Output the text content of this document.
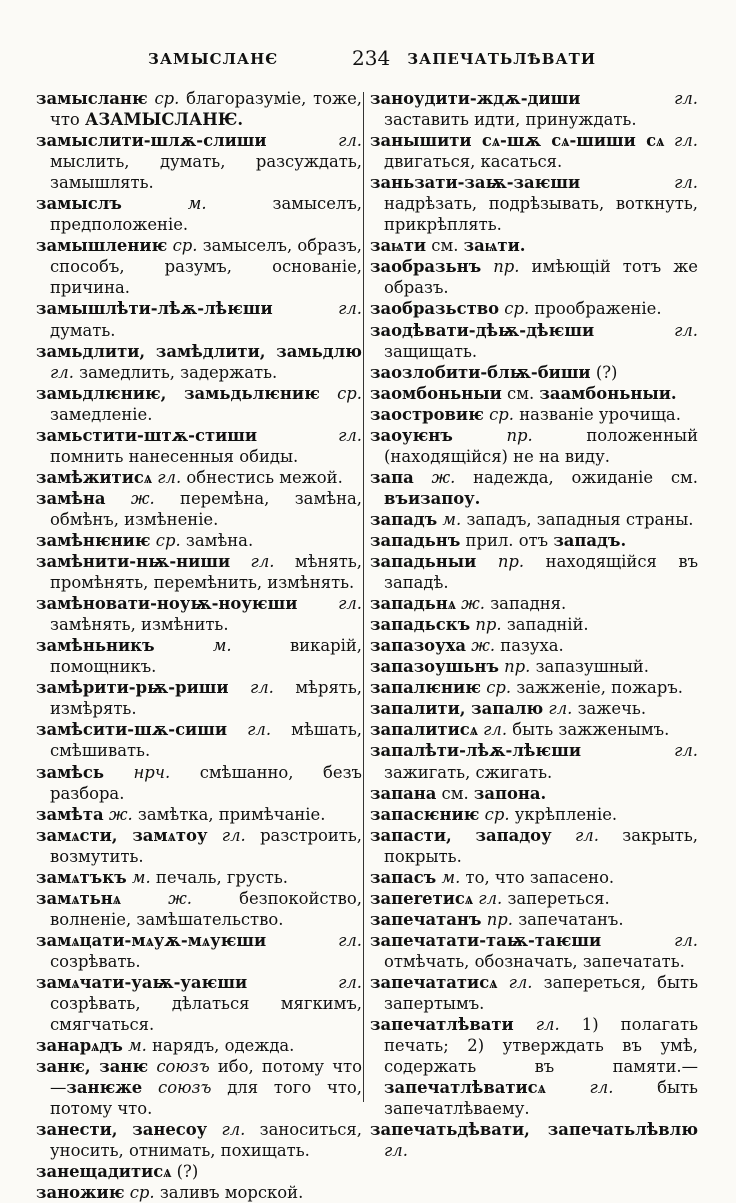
ЗАМЫСЛАНЄ	234 ЗАПЕЧАТЬЛѢВАТИ

замысланѥ ср. благоразуміе, тоже, что АЗАМЫСЛАНѤ.

замыслити-шлѫ-слиши	гл. мыслить, думать, разсуждать, замышлять.

замыслъ	м.	замыселъ, предположеніе.

замышлениѥ ср. замыселъ, образъ, способъ, разумъ, основаніе, причина.

замышлѣти-лѣѫ-лѣѥши	гл. думать.

замьдлити, замѣдлити, замьдлю гл. замедлить, задержать.

замьдлѥниѥ, замьдьлѥниѥ ср. замедленіе.

замьстити-штѫ-стиши	гл. помнить нанесенныя обиды.

замѣжитисѧ гл. обнестись межой.

замѣна ж. перемѣна, замѣна, обмѣнъ, измѣненіе.

замѣнѥниѥ ср. замѣна.

замѣнити-нѭ-ниши гл. мѣнять, промѣнять, перемѣнить, измѣнять.

замѣновати-ноуѭ-ноуѥши гл. замѣнять, измѣнить.

замѣньникъ	м.	викарій, помощникъ.

замѣрити-рѭ-риши гл. мѣрять, измѣрять.

замѣсити-шѫ-сиши гл. мѣшать, смѣшивать.

замѣсь нрч. смѣшанно, безъ разбора.

замѣта ж. замѣтка, примѣчаніе.

замѧсти, замѧтоу гл. разстроить, возмутить.

замѧтъкъ м. печаль, грусть.

замѧтьнѧ	ж.	безпокойство, волненіе, замѣшательство.

замѧцати-мѧуѫ-мѧуѥши	гл. созрѣвать.

замѧчати-уаѭ-уаѥши	гл. созрѣвать, дѣлаться мягкимъ, смягчаться.

занарѧдъ м. нарядъ, одежда.

занѥ, занѥ союзъ ибо, потому что—занѥже союзъ для того что, потому что.

занести, занесоу гл. заноситься, уносить, отнимать, похищать.

занещадитисѧ (?)

заножиѥ ср. заливъ морской.

заноудити-ждѫ-диши	гл. заставить идти, принуждать.

занышити сѧ-шѫ сѧ-шиши сѧ гл. двигаться, касаться.

заньзати-заѭ-заѥши	гл. надрѣзать, подрѣзывать, воткнуть, прикрѣплять.

заѩти см. заѩти.

зaобразьнъ пр. имѣющій тотъ же образъ.

заобразьство ср. проображеніе.

заодѣвати-дѣѭ-дѣѥши	гл. защищать.

заозлобити-блѭ-биши (?)

заомбоньныи см. заамбоньныи.

заостровиѥ ср. названіе урочища.

заоуѥнъ	пр.	положенный (находящійся) не на виду.

запа ж. надежда, ожиданіе см. въизапоу.

западъ м. западъ, западныя страны.

западьнъ прил. отъ западъ.

западьныи пр. находящійся въ западѣ.

западьнѧ ж. западня.

западьскъ пр. западній.

запазоуха ж. пазуха.

запазоушьнъ пр. запазушный.

запалѥниѥ ср. зажженіе, пожаръ.

запалити, запалю гл. зажечь.

запалитисѧ гл. быть зажженымъ.

запалѣти-лѣѫ-лѣѥши	гл. зажигать, сжигать.

запана см. запона.

запасѥниѥ ср. укрѣпленіе.

запасти, западоу гл. закрыть, покрыть.

запасъ м. то, что запасено.

запеrетисѧ гл. запереться.

запечатанъ пр. запечатанъ.

запечатати-таѭ-таѥши	гл. отмѣчать, обозначать, запечатать.

запечататисѧ гл. запереться, быть запертымъ.

запечатлѣвати гл. 1) полагать печать; 2) утверждать въ умѣ, содержать въ памяти.—запечатлѣватисѧ	гл.	быть запечатлѣваему.

запечатьдѣвати, запечатьлѣвлю гл.
